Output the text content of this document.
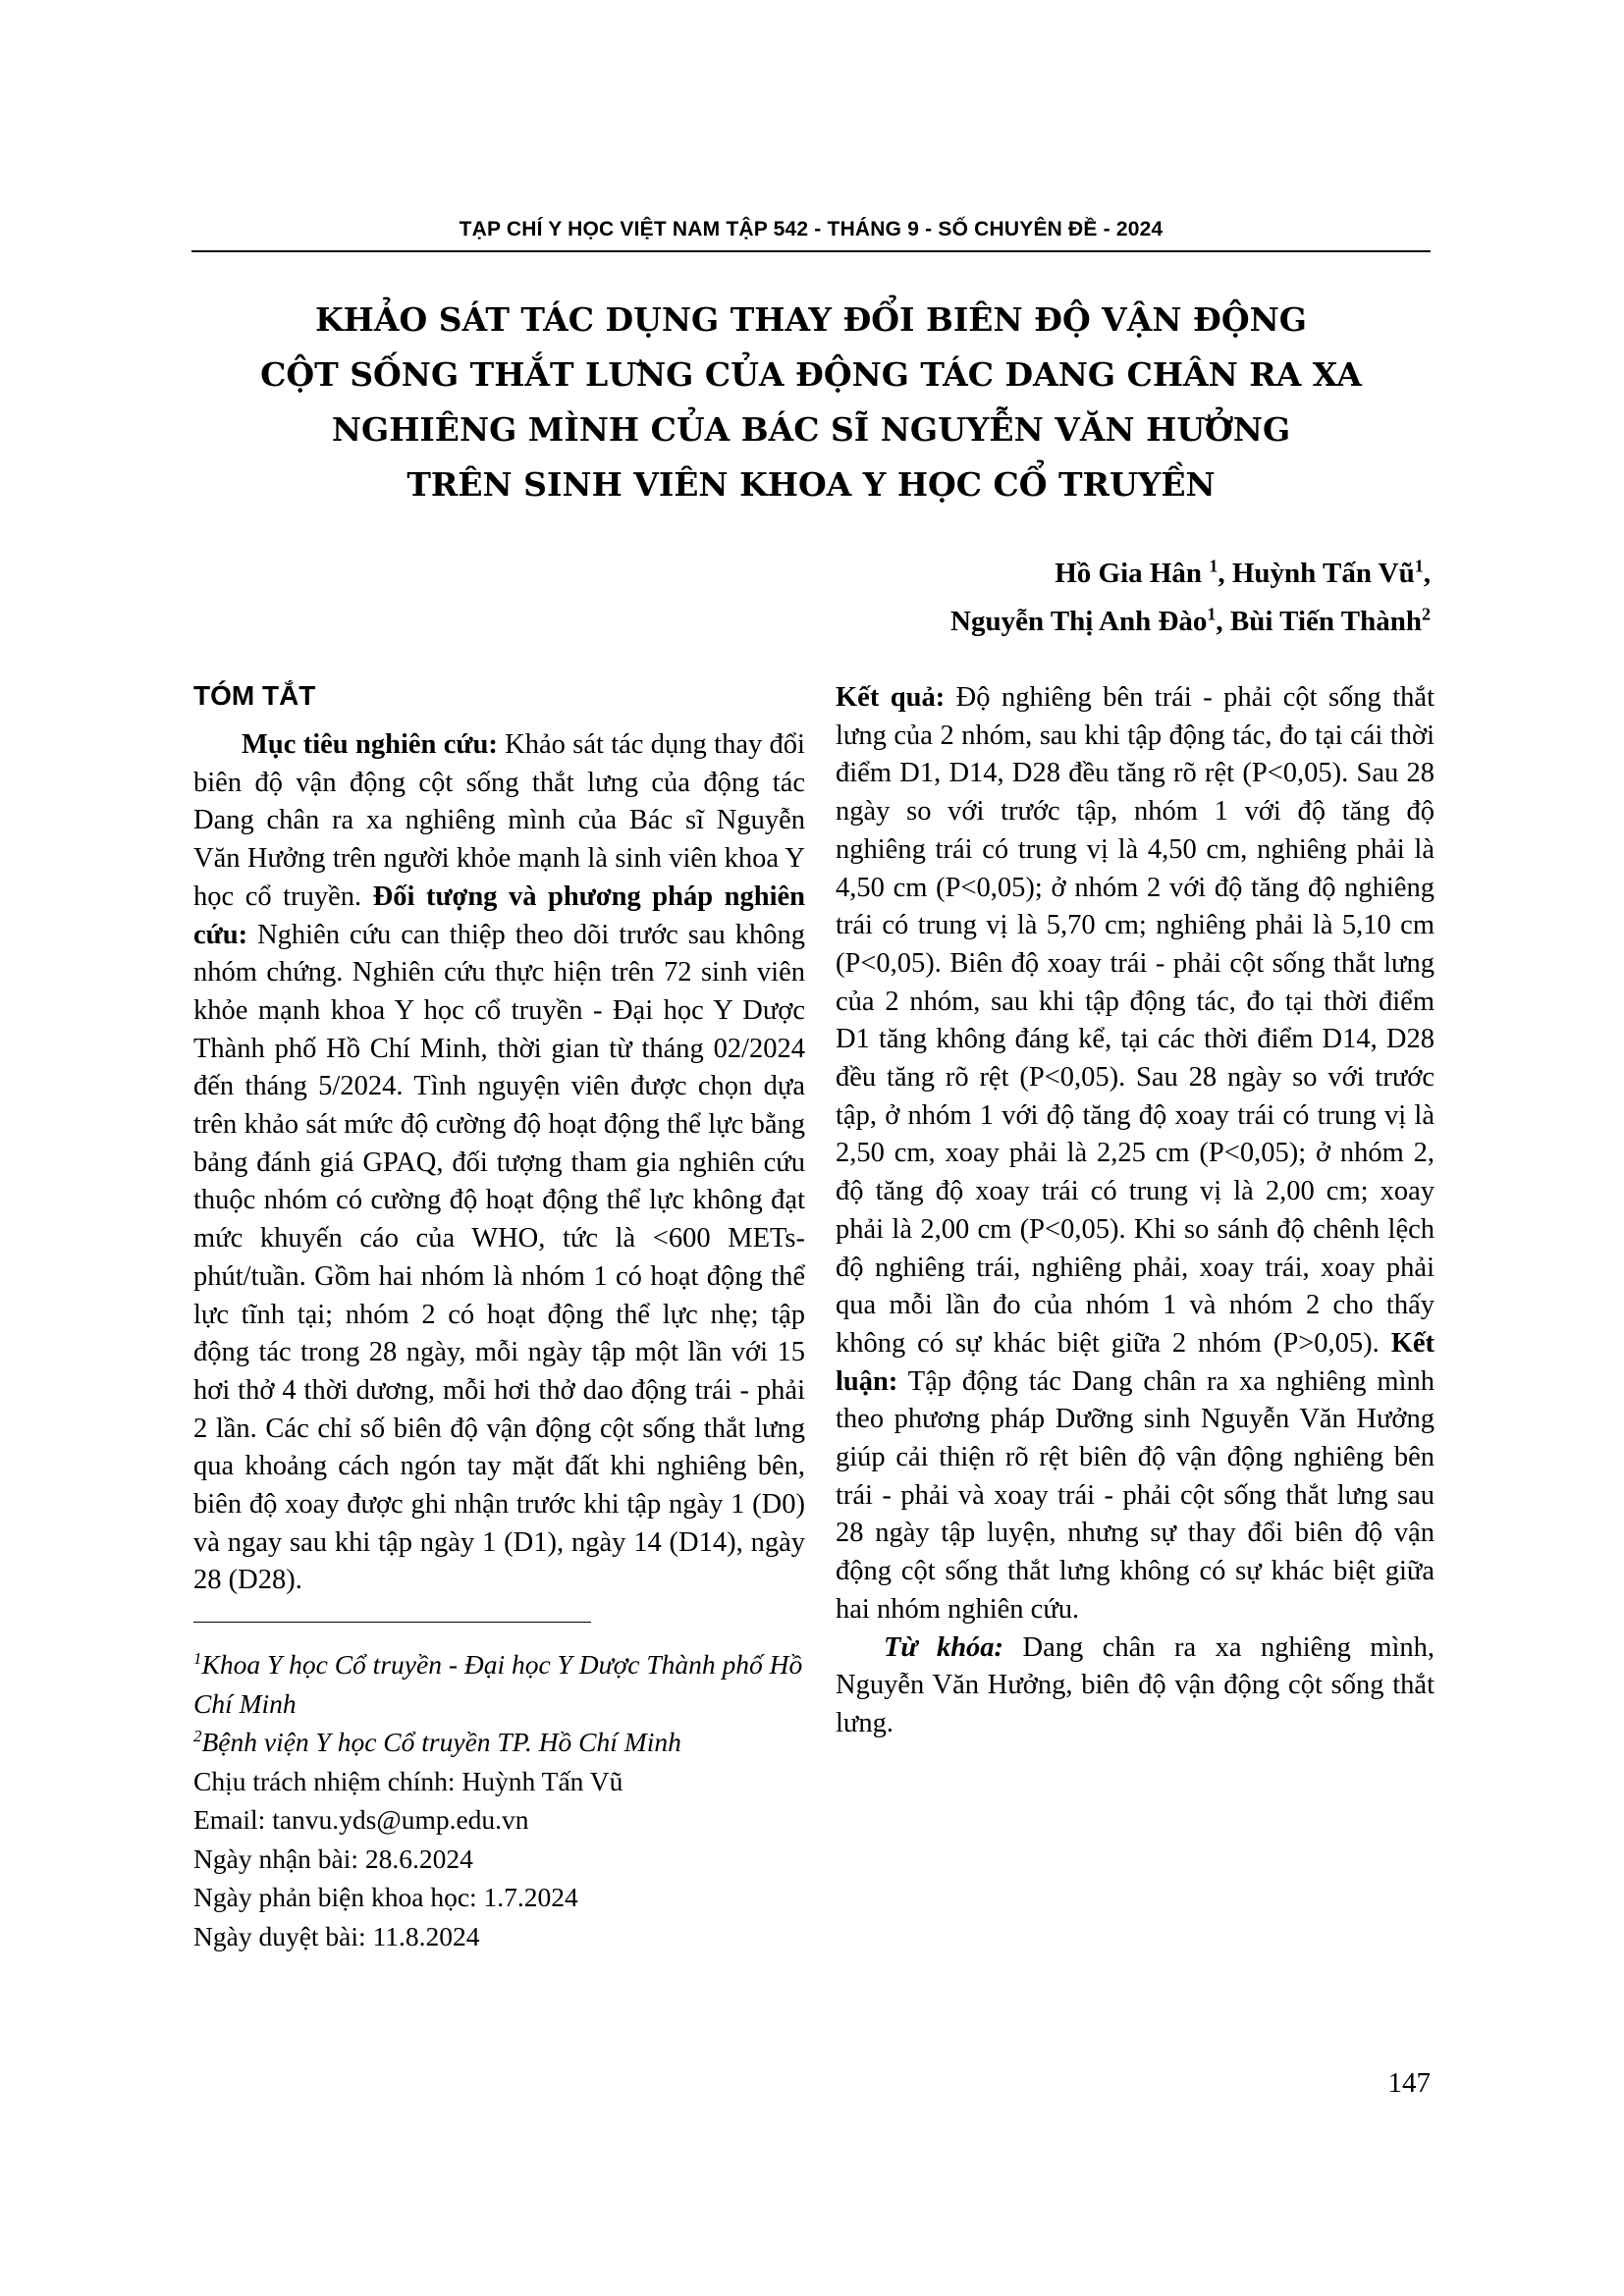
TẠP CHÍ Y HỌC VIỆT NAM TẬP 542 - THÁNG 9 - SỐ CHUYÊN ĐỀ - 2024
KHẢO SÁT TÁC DỤNG THAY ĐỔI BIÊN ĐỘ VẬN ĐỘNG
CỘT SỐNG THẮT LƯNG CỦA ĐỘNG TÁC DANG CHÂN RA XA
NGHIÊNG MÌNH CỦA BÁC SĨ NGUYỄN VĂN HƯỞNG
TRÊN SINH VIÊN KHOA Y HỌC CỔ TRUYỀN
Hồ Gia Hân $^1$, Huỳnh Tấn $Vũ^1$,
Nguyễn Thị Anh Đào$^1$, Bùi Tiến Thành$^2$
TÓM TẮT

Mục tiêu nghiên cứu: Khảo sát tác dụng thay đổi biên độ vận động cột sống thắt lưng của động tác Dang chân ra xa nghiêng mình của Bác sĩ Nguyễn Văn Hưởng trên người khỏe mạnh là sinh viên khoa Y học cổ truyền. Đối tượng và phương pháp nghiên cứu: Nghiên cứu can thiệp theo dõi trước sau không nhóm chứng. Nghiên cứu thực hiện trên 72 sinh viên khỏe mạnh khoa Y học cổ truyền - Đại học Y Dược Thành phố Hồ Chí Minh, thời gian từ tháng 02/2024 đến tháng 5/2024. Tình nguyện viên được chọn dựa trên khảo sát mức độ cường độ hoạt động thể lực bằng bảng đánh giá GPAQ, đối tượng tham gia nghiên cứu thuộc nhóm có cường độ hoạt động thể lực không đạt mức khuyến cáo của WHO, tức là <600 METs-phút/tuần. Gồm hai nhóm là nhóm 1 có hoạt động thể lực tĩnh tại; nhóm 2 có hoạt động thể lực nhẹ; tập động tác trong 28 ngày, mỗi ngày tập một lần với 15 hơi thở 4 thời dương, mỗi hơi thở dao động trái - phải 2 lần. Các chỉ số biên độ vận động cột sống thắt lưng qua khoảng cách ngón tay mặt đất khi nghiêng bên, biên độ xoay được ghi nhận trước khi tập ngày 1 (D0) và ngay sau khi tập ngày 1 (D1), ngày 14 (D14), ngày 28 (D28).

$^1$Khoa Y học Cổ truyền - Đại học Y Dược Thành phố Hồ Chí Minh
$^2$Bệnh viện Y học Cổ truyền TP. Hồ Chí Minh
Chịu trách nhiệm chính: Huỳnh Tấn Vũ
Email: tanvu.yds@ump.edu.vn
Ngày nhận bài: 28.6.2024
Ngày phản biện khoa học: 1.7.2024
Ngày duyệt bài: 11.8.2024

Kết quả: Độ nghiêng bên trái - phải cột sống thắt lưng của 2 nhóm, sau khi tập động tác, đo tại cái thời điểm D1, D14, D28 đều tăng rõ rệt (P<0,05). Sau 28 ngày so với trước tập, nhóm 1 với độ tăng độ nghiêng trái có trung vị là 4,50 cm, nghiêng phải là 4,50 cm (P<0,05); ở nhóm 2 với độ tăng độ nghiêng trái có trung vị là 5,70 cm; nghiêng phải là 5,10 cm (P<0,05). Biên độ xoay trái - phải cột sống thắt lưng của 2 nhóm, sau khi tập động tác, đo tại thời điểm D1 tăng không đáng kể, tại các thời điểm D14, D28 đều tăng rõ rệt (P<0,05). Sau 28 ngày so với trước tập, ở nhóm 1 với độ tăng độ xoay trái có trung vị là 2,50 cm, xoay phải là 2,25 cm (P<0,05); ở nhóm 2, độ tăng độ xoay trái có trung vị là 2,00 cm; xoay phải là 2,00 cm (P<0,05). Khi so sánh độ chênh lệch độ nghiêng trái, nghiêng phải, xoay trái, xoay phải qua mỗi lần đo của nhóm 1 và nhóm 2 cho thấy không có sự khác biệt giữa 2 nhóm (P>0,05). Kết luận: Tập động tác Dang chân ra xa nghiêng mình theo phương pháp Dưỡng sinh Nguyễn Văn Hưởng giúp cải thiện rõ rệt biên độ vận động nghiêng bên trái - phải và xoay trái - phải cột sống thắt lưng sau 28 ngày tập luyện, nhưng sự thay đổi biên độ vận động cột sống thắt lưng không có sự khác biệt giữa hai nhóm nghiên cứu.

Từ khóa: Dang chân ra xa nghiêng mình, Nguyễn Văn Hưởng, biên độ vận động cột sống thắt lưng.

147
